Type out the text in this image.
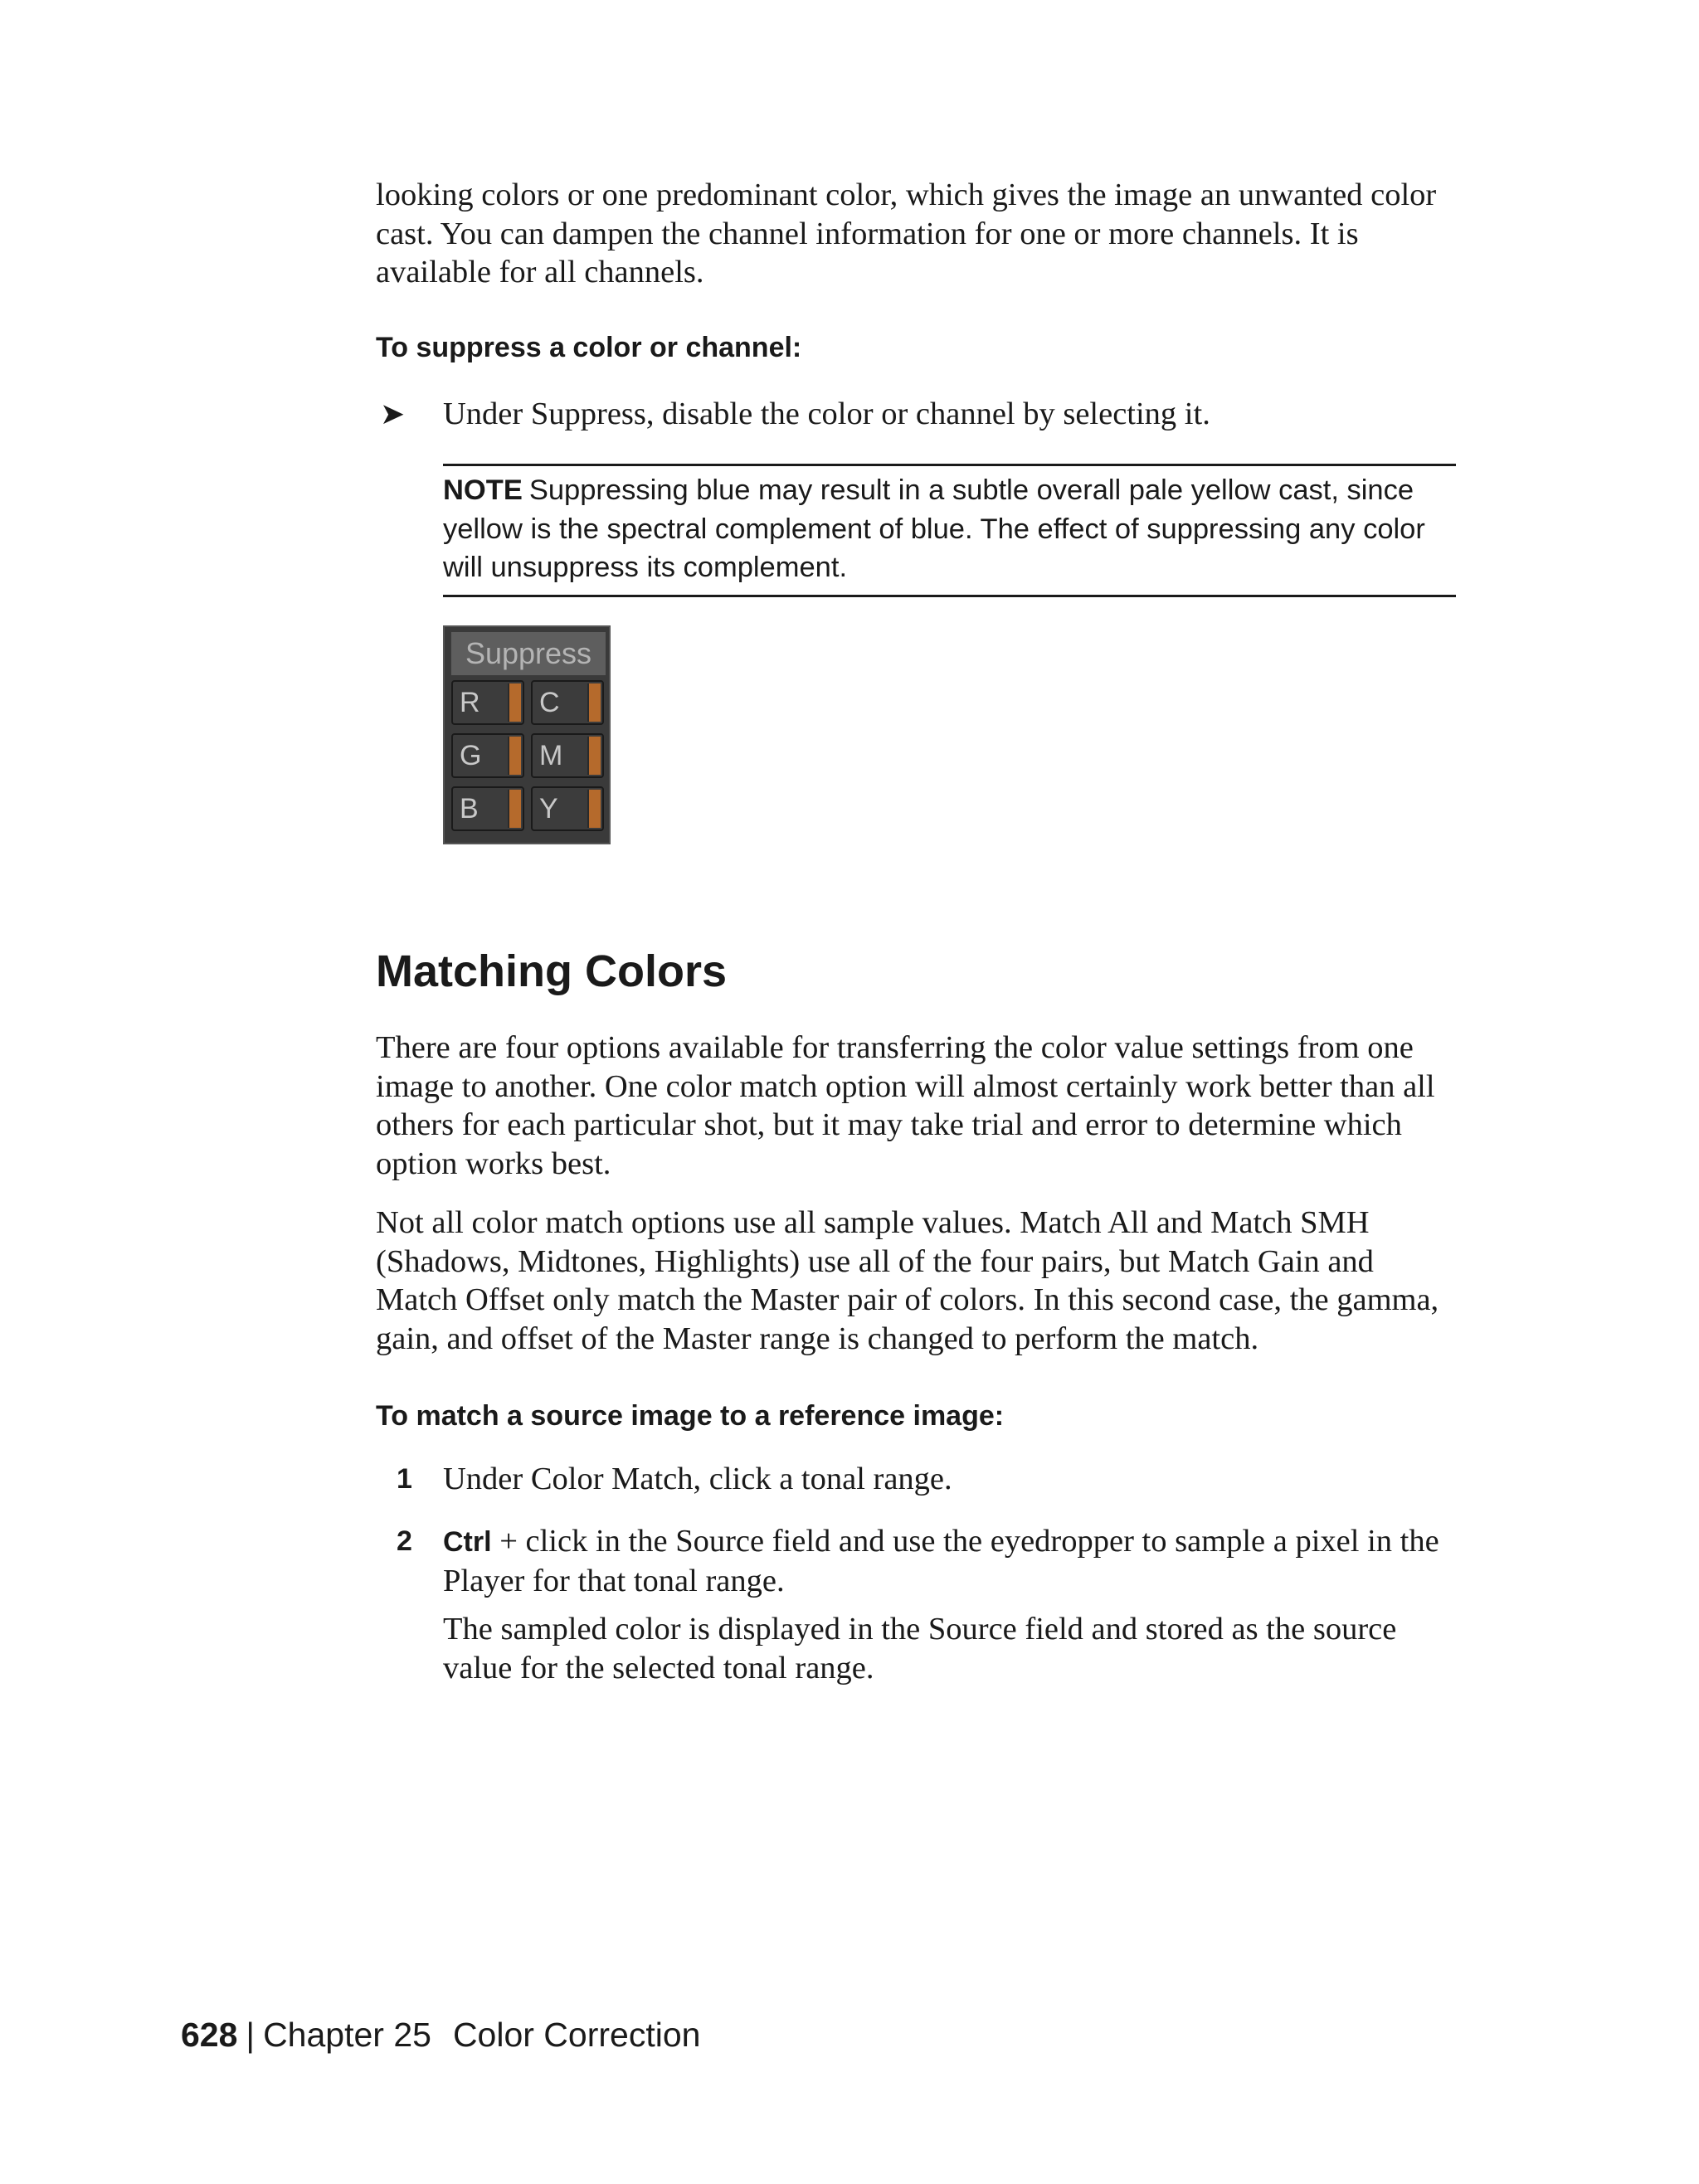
looking colors or one predominant color, which gives the image an unwanted color cast. You can dampen the channel information for one or more channels. It is available for all channels.

To suppress a color or channel:

➤ Under Suppress, disable the color or channel by selecting it.

NOTE Suppressing blue may result in a subtle overall pale yellow cast, since yellow is the spectral complement of blue. The effect of suppressing any color will unsuppress its complement.

Suppress
R	C
G	M
B	Y
Matching Colors

There are four options available for transferring the color value settings from one image to another. One color match option will almost certainly work better than all others for each particular shot, but it may take trial and error to determine which option works best.

Not all color match options use all sample values. Match All and Match SMH (Shadows, Midtones, Highlights) use all of the four pairs, but Match Gain and Match Offset only match the Master pair of colors. In this second case, the gamma, gain, and offset of the Master range is changed to perform the match.

To match a source image to a reference image:

1 Under Color Match, click a tonal range.

2 Ctrl + click in the Source field and use the eyedropper to sample a pixel in the Player for that tonal range.

The sampled color is displayed in the Source field and stored as the source value for the selected tonal range.

628 | Chapter 25 Color Correction
